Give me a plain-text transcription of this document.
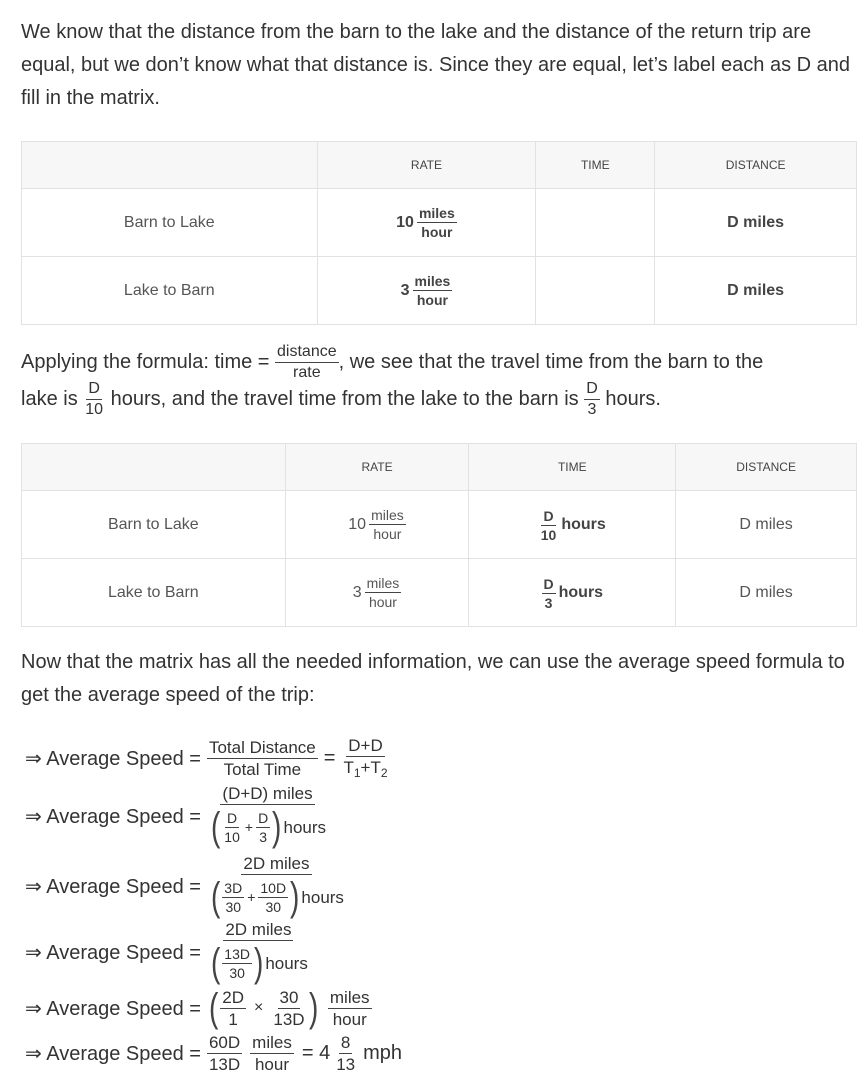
We know that the distance from the barn to the lake and the distance of the return trip are equal, but we don’t know what that distance is. Since they are equal, let’s label each as D and fill in the matrix.

	RATE	TIME	DISTANCE
Barn to Lake	$10 \frac{\text{miles}}{\text{hour}}$		D miles
Lake to Barn	$3 \frac{\text{miles}}{\text{hour}}$		D miles

Applying the formula: time = $\frac{\text{distance}}{\text{rate}}$ , we see that the travel time from the barn to the
lake is $\frac{D}{10}$ hours, and the travel time from the lake to the barn is $\frac{D}{3}$ hours.

	RATE	TIME	DISTANCE
Barn to Lake	$10 \frac{\text{miles}}{\text{hour}}$	$\frac{D}{10}$ hours	D miles
Lake to Barn	$3 \frac{\text{miles}}{\text{hour}}$	$\frac{D}{3}$ hours	D miles

Now that the matrix has all the needed information, we can use the average speed formula to get the average speed of the trip:

⇒ Average Speed = $\frac{\text{Total Distance}}{\text{Total Time}} = \frac{D+D}{T_1+T_2}$
⇒ Average Speed =
(D+D) miles
( $\frac{D}{10} + \frac{D}{3}$ ) hours
⇒ Average Speed =
2D miles
( $\frac{3D}{30} + \frac{10D}{30}$ ) hours
⇒ Average Speed =
2D miles
( $\frac{13D}{30}$ ) hours
⇒ Average Speed = ( $\frac{2D}{1} \times \frac{30}{13D}$ ) $\frac{\text{miles}}{\text{hour}}$
⇒ Average Speed = $\frac{60D}{13D} \frac{\text{miles}}{\text{hour}} = 4 \frac{8}{13}$ mph
